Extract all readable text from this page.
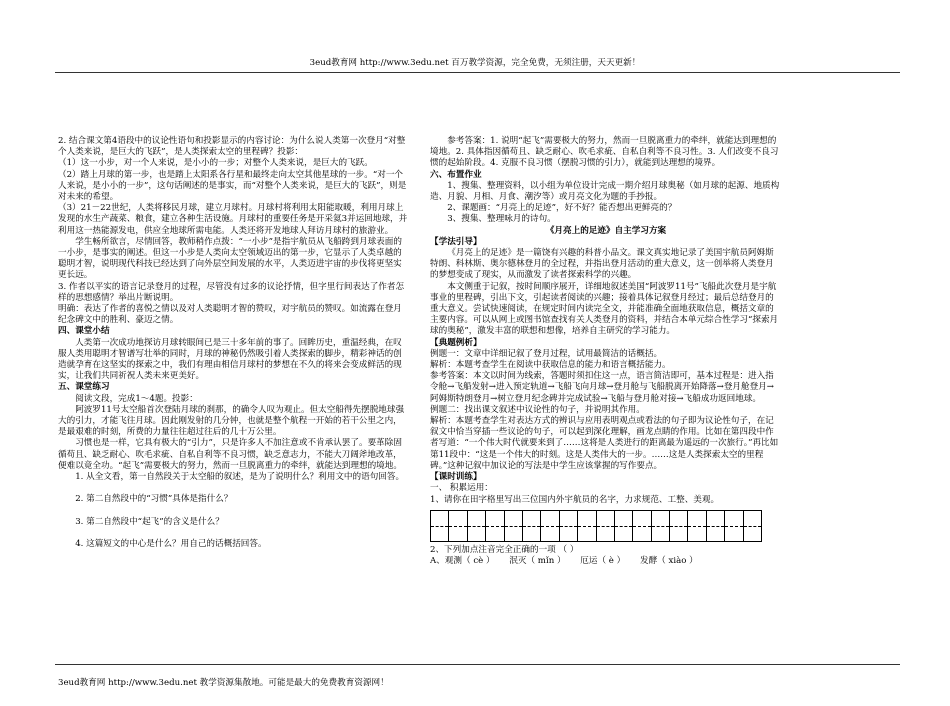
3eud教育网 http://www.3edu.net 百万教学资源，完全免费，无须注册，天天更新！

2. 结合课文第4语段中的议论性语句和投影显示的内容讨论：为什么说人类第一次登月“对整个人类来说，是巨大的飞跃”，是人类探索太空的里程碑？投影：

（1）这一小步，对一个人来说，是小小的一步；对整个人类来说，是巨大的飞跃。

（2）踏上月球的第一步，也是踏上太阳系各行星和最终走向太空其他星球的一步。“对一个人来说，是小小的一步”，这句话阐述的是事实，而“对整个人类来说，是巨大的飞跃”，则是对未来的希望。

（3）21－22世纪，人类将移民月球，建立月球村。月球村将利用太阳能取暖，利用月球上发现的水生产蔬菜、粮食，建立各种生活设施。月球村的重要任务是开采氦3并运回地球，并利用这一热能源发电，供应全地球所需电能。人类还将开发地球人拜访月球村的旅游业。

学生畅所欲言，尽情回答，教师稍作点拨：“一小步”是指宇航员从飞船跨到月球表面的一小步，是事实的阐述。但这一小步是人类向太空领域迈出的第一步，它显示了人类卓越的聪明才智，说明现代科技已经达到了向外层空间发展的水平，人类迈进宇宙的步伐将更坚实更长远。

3. 作者以平实的语言记录登月的过程，尽管没有过多的议论抒情，但字里行间表达了作者怎样的思想感情？举出片断说明。

明确：表达了作者的喜悦之情以及对人类聪明才智的赞叹，对宇航员的赞叹。如流露在登月纪念碑文中的胜利、豪迈之情。

四、课堂小结

人类第一次成功地探访月球转眼间已是三十多年前的事了。回眸历史，重温经典，在叹服人类用聪明才智谱写壮举的同时，月球的神秘仍然吸引着人类探索的脚步，精彩神话的创造就孕育在这坚实的探索之中，我们有理由相信月球村的梦想在不久的将来会变成鲜活的现实，让我们共同祈祝人类未来更美好。

五、课堂练习

阅读文段，完成1～4题。投影：

阿波罗11号太空船首次登陆月球的刹那，的确令人叹为观止。但太空船得先摆脱地球强大的引力，才能飞往月球。因此刚发射的几分钟，也就是整个航程一开始的若干公里之内，是最艰难的时刻，所费的力量往往超过往后的几十万公里。

习惯也是一样，它具有极大的“引力”，只是许多人不加注意或不肯承认罢了。要革除固循苟且、缺乏耐心、吹毛求疵、自私自利等不良习惯，缺乏意志力，不能大刀阔斧地改革，便难以竟全功。“起飞”需要极大的努力，然而一旦脱离重力的牵绊，就能达到理想的境地。

1. 从全文看，第一自然段关于太空船的叙述，是为了说明什么？利用文中的语句回答。

2. 第二自然段中的“习惯”具体是指什么？

3. 第二自然段中“起飞”的含义是什么？

4. 这篇短文的中心是什么？用自己的话概括回答。

参考答案：1. 说明“起飞”需要极大的努力，然而一旦脱离重力的牵绊，就能达到理想的境地。2. 具体指因循苟且、缺乏耐心、吹毛求疵、自私自利等不良习性。3. 人们改变不良习惯的起始阶段。4. 克服不良习惯（摆脱习惯的引力），就能到达理想的境界。

六、布置作业

1、搜集、整理资料，以小组为单位设计完成一期介绍月球奥秘（如月球的起源、地质构造、月貌、月相、月食、潮汐等）或月亮文化为题的手抄报。

2、课题画：“月亮上的足迹”，好不好？能否想出更鲜亮的？

3、搜集、整理咏月的诗句。

《月亮上的足迹》自主学习方案

【学法引导】

《月亮上的足迹》是一篇饶有兴趣的科普小品文。课文真实地记录了美国宇航员阿姆斯特朗、科林斯、奥尔德林登月的全过程，并指出登月活动的重大意义，这一创举将人类登月的梦想变成了现实，从而激发了读者探索科学的兴趣。

本文侧重于记叙，按时间顺序展开，详细地叙述美国“阿波罗11号”飞船此次登月是宇航事业的里程碑，引出下文，引起读者阅读的兴趣；接着具体记叙登月经过；最后总结登月的重大意义。尝试快速阅读，在规定时间内读完全文，并能准确全面地获取信息，概括文章的主要内容。可以从网上或图书馆查找有关人类登月的资料，并结合本单元综合性学习“探索月球的奥秘”，激发丰富的联想和想像，培养自主研究的学习能力。

【典题例析】

例题一：文章中详细记叙了登月过程，试用最简洁的话概括。

解析：本题考查学生在阅读中获取信息的能力和语言概括能力。

参考答案：本文以时间为线索，答题时须扣住这一点，语言简洁即可，基本过程是：进入指令舱→飞船发射→进入预定轨道→飞船飞向月球→登月舱与飞船脱离开始降落→登月舱登月→阿姆斯特朗登月→树立登月纪念碑并完成试验→飞船与登月舱对接→飞船成功返回地球。

例题二：找出课文叙述中议论性的句子，并说明其作用。

解析：本题考查学生对表达方式的辨识与应用表明观点或看法的句子即为议论性句子，在记叙文中恰当穿插一些议论的句子，可以起到深化理解，画龙点睛的作用。比如在第四段中作者写道：“一个伟大时代就要来到了……这将是人类进行的距离最为遥远的一次旅行。”再比如第11段中：“这是一个伟大的时刻。这是人类伟大的一步。……这是人类探索太空的里程碑。”这种记叙中加议论的写法是中学生应该掌握的写作要点。

【课时训练】

一、 积累运用：

1、请你在田字格里写出三位国内外宇航员的名字，力求规范、工整、美观。

2、下列加点注音完全正确的一项 （ ）

A、观测（ cè ） 泯灭（ mǐn ） 厄运（ è ） 发酵（ xiào ）

3eud教育网 http://www.3edu.net 教学资源集散地。可能是最大的免费教育资源网！
